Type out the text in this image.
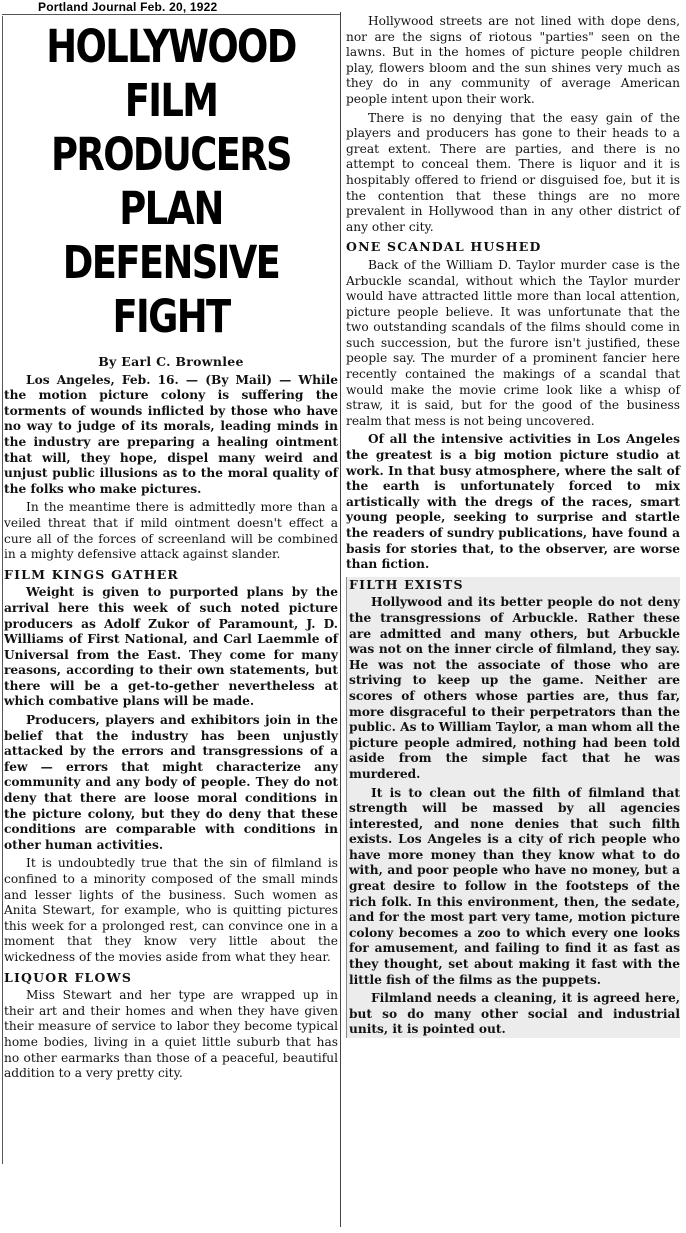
Portland Journal Feb. 20, 1922
HOLLYWOOD FILM
PRODUCERS PLAN
DEFENSIVE FIGHT
By Earl C. Brownlee

Los Angeles, Feb. 16. — (By Mail) — While the motion picture colony is suffering the torments of wounds inflicted by those who have no way to judge of its morals, leading minds in the industry are preparing a healing ointment that will, they hope, dispel many weird and unjust public illusions as to the moral quality of the folks who make pictures.

In the meantime there is admittedly more than a veiled threat that if mild ointment doesn't effect a cure all of the forces of screenland will be combined in a mighty defensive attack against slander.

FILM KINGS GATHER

Weight is given to purported plans by the arrival here this week of such noted picture producers as Adolf Zukor of Paramount, J. D. Williams of First National, and Carl Laemmle of Universal from the East. They come for many reasons, according to their own statements, but there will be a get-to-gether nevertheless at which combative plans will be made.

Producers, players and exhibitors join in the belief that the industry has been unjustly attacked by the errors and transgressions of a few — errors that might characterize any community and any body of people. They do not deny that there are loose moral conditions in the picture colony, but they do deny that these conditions are comparable with conditions in other human activities.

It is undoubtedly true that the sin of filmland is confined to a minority composed of the small minds and lesser lights of the business. Such women as Anita Stewart, for example, who is quitting pictures this week for a prolonged rest, can convince one in a moment that they know very little about the wickedness of the movies aside from what they hear.

LIQUOR FLOWS

Miss Stewart and her type are wrapped up in their art and their homes and when they have given their measure of service to labor they become typical home bodies, living in a quiet little suburb that has no other earmarks than those of a peaceful, beautiful addition to a very pretty city.

Hollywood streets are not lined with dope dens, nor are the signs of riotous "parties" seen on the lawns. But in the homes of picture people children play, flowers bloom and the sun shines very much as they do in any community of average American people intent upon their work.

There is no denying that the easy gain of the players and producers has gone to their heads to a great extent. There are parties, and there is no attempt to conceal them. There is liquor and it is hospitably offered to friend or disguised foe, but it is the contention that these things are no more prevalent in Hollywood than in any other district of any other city.

ONE SCANDAL HUSHED

Back of the William D. Taylor murder case is the Arbuckle scandal, without which the Taylor murder would have attracted little more than local attention, picture people believe. It was unfortunate that the two outstanding scandals of the films should come in such succession, but the furore isn't justified, these people say. The murder of a prominent fancier here recently contained the makings of a scandal that would make the movie crime look like a whisp of straw, it is said, but for the good of the business realm that mess is not being uncovered.

Of all the intensive activities in Los Angeles the greatest is a big motion picture studio at work. In that busy atmosphere, where the salt of the earth is unfortunately forced to mix artistically with the dregs of the races, smart young people, seeking to surprise and startle the readers of sundry publications, have found a basis for stories that, to the observer, are worse than fiction.

FILTH EXISTS

Hollywood and its better people do not deny the transgressions of Arbuckle. Rather these are admitted and many others, but Arbuckle was not on the inner circle of filmland, they say. He was not the associate of those who are striving to keep up the game. Neither are scores of others whose parties are, thus far, more disgraceful to their perpetrators than the public. As to William Taylor, a man whom all the picture people admired, nothing had been told aside from the simple fact that he was murdered.

It is to clean out the filth of filmland that strength will be massed by all agencies interested, and none denies that such filth exists. Los Angeles is a city of rich people who have more money than they know what to do with, and poor people who have no money, but a great desire to follow in the footsteps of the rich folk. In this environment, then, the sedate, and for the most part very tame, motion picture colony becomes a zoo to which every one looks for amusement, and failing to find it as fast as they thought, set about making it fast with the little fish of the films as the puppets.

Filmland needs a cleaning, it is agreed here, but so do many other social and industrial units, it is pointed out.
